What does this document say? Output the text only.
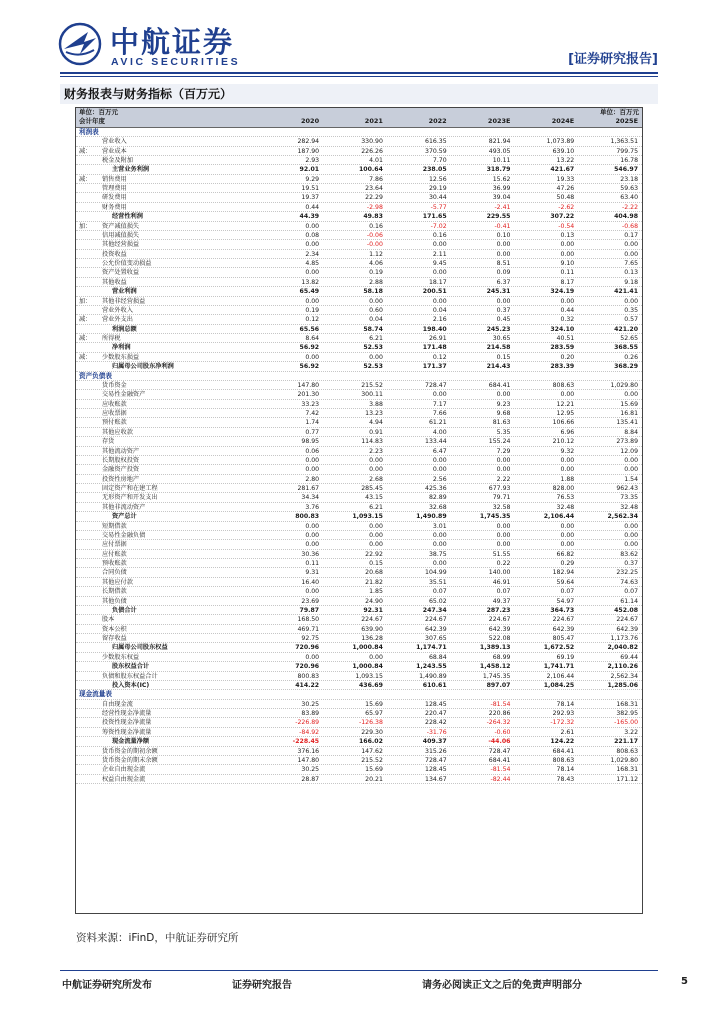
中航证券
AVIC SECURITIES	[证券研究报告]
财务报表与财务指标（百万元）
单位：百万元	单位：百万元
会计年度	2020	2021	2022	2023E	2024E	2025E
利润表
营业收入	282.94	330.90	616.35	821.94	1,073.89	1,363.51
减： 营业成本	187.90	226.26	370.59	493.05	639.10	799.75
税金及附加	2.93	4.01	7.70	10.11	13.22	16.78
主营业务利润	92.01	100.64	238.05	318.79	421.67	546.97
减： 销售费用	9.29	7.86	12.56	15.62	19.33	23.18
管理费用	19.51	23.64	29.19	36.99	47.26	59.63
研发费用	19.37	22.29	30.44	39.04	50.48	63.40
财务费用	0.44	-2.98	-5.77	-2.41	-2.62	-2.22
经营性利润	44.39	49.83	171.65	229.55	307.22	404.98
加： 资产减值损失	0.00	0.16	-7.02	-0.41	-0.54	-0.68
信用减值损失	0.08	-0.06	0.16	0.10	0.13	0.17
其他经营损益	0.00	-0.00	0.00	0.00	0.00	0.00
投资收益	2.34	1.12	2.11	0.00	0.00	0.00
公允价值变动损益	4.85	4.06	9.45	8.51	9.10	7.65
资产处置收益	0.00	0.19	0.00	0.09	0.11	0.13
其他收益	13.82	2.88	18.17	6.37	8.17	9.18
营业利润	65.49	58.18	200.51	245.31	324.19	421.41
加： 其他非经营损益	0.00	0.00	0.00	0.00	0.00	0.00
营业外收入	0.19	0.60	0.04	0.37	0.44	0.35
减： 营业外支出	0.12	0.04	2.16	0.45	0.32	0.57
利润总额	65.56	58.74	198.40	245.23	324.10	421.20
减： 所得税	8.64	6.21	26.91	30.65	40.51	52.65
净利润	56.92	52.53	171.48	214.58	283.59	368.55
减： 少数股东损益	0.00	0.00	0.12	0.15	0.20	0.26
归属母公司股东净利润	56.92	52.53	171.37	214.43	283.39	368.29
资产负债表
货币资金	147.80	215.52	728.47	684.41	808.63	1,029.80
交易性金融资产	201.30	300.11	0.00	0.00	0.00	0.00
应收账款	33.23	3.88	7.17	9.23	12.21	15.69
应收票据	7.42	13.23	7.66	9.68	12.95	16.81
预付账款	1.74	4.94	61.21	81.63	106.66	135.41
其他应收款	0.77	0.91	4.00	5.35	6.96	8.84
存货	98.95	114.83	133.44	155.24	210.12	273.89
其他流动资产	0.06	2.23	6.47	7.29	9.32	12.09
长期股权投资	0.00	0.00	0.00	0.00	0.00	0.00
金融资产投资	0.00	0.00	0.00	0.00	0.00	0.00
投资性房地产	2.80	2.68	2.56	2.22	1.88	1.54
固定资产和在建工程	281.67	285.45	425.36	677.93	828.00	962.43
无形资产和开发支出	34.34	43.15	82.89	79.71	76.53	73.35
其他非流动资产	3.76	6.21	32.68	32.58	32.48	32.48
资产总计	800.83	1,093.15	1,490.89	1,745.35	2,106.44	2,562.34
短期借款	0.00	0.00	3.01	0.00	0.00	0.00
交易性金融负债	0.00	0.00	0.00	0.00	0.00	0.00
应付票据	0.00	0.00	0.00	0.00	0.00	0.00
应付账款	30.36	22.92	38.75	51.55	66.82	83.62
预收账款	0.11	0.15	0.00	0.22	0.29	0.37
合同负债	9.31	20.68	104.99	140.00	182.94	232.25
其他应付款	16.40	21.82	35.51	46.91	59.64	74.63
长期借款	0.00	1.85	0.07	0.07	0.07	0.07
其他负债	23.69	24.90	65.02	49.37	54.97	61.14
负债合计	79.87	92.31	247.34	287.23	364.73	452.08
股本	168.50	224.67	224.67	224.67	224.67	224.67
资本公积	469.71	639.90	642.39	642.39	642.39	642.39
留存收益	92.75	136.28	307.65	522.08	805.47	1,173.76
归属母公司股东权益	720.96	1,000.84	1,174.71	1,389.13	1,672.52	2,040.82
少数股东权益	0.00	0.00	68.84	68.99	69.19	69.44
股东权益合计	720.96	1,000.84	1,243.55	1,458.12	1,741.71	2,110.26
负债和股东权益合计	800.83	1,093.15	1,490.89	1,745.35	2,106.44	2,562.34
投入资本(IC)	414.22	436.69	610.61	897.07	1,084.25	1,285.06
现金流量表
自由现金流	30.25	15.69	128.45	-81.54	78.14	168.31
经营性现金净流量	83.89	65.97	220.47	220.86	292.93	382.95
投资性现金净流量	-226.89	-126.38	228.42	-264.32	-172.32	-165.00
筹资性现金净流量	-84.92	229.30	-31.76	-0.60	2.61	3.22
现金流量净额	-228.45	166.02	409.37	-44.06	124.22	221.17
货币资金的期初余额	376.16	147.62	315.26	728.47	684.41	808.63
货币资金的期末余额	147.80	215.52	728.47	684.41	808.63	1,029.80
企业自由现金流	30.25	15.69	128.45	-81.54	78.14	168.31
权益自由现金流	28.87	20.21	134.67	-82.44	78.43	171.12
资料来源：iFinD，中航证券研究所
中航证券研究所发布	证券研究报告	请务必阅读正文之后的免责声明部分	5
